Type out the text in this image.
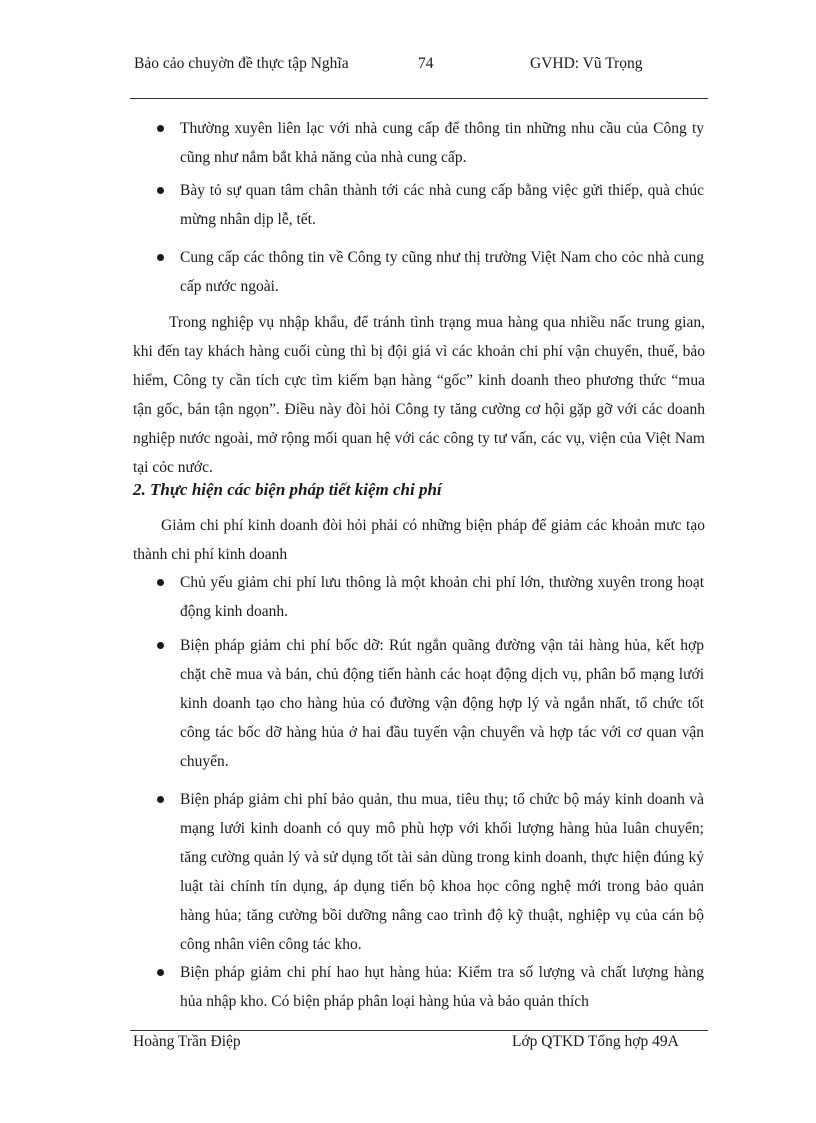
Bảo cảo chuyờn đề thực tập Nghĩa	74	GVHD: Vũ Trọng
Thường xuyên liên lạc với nhà cung cấp để thông tin những nhu cầu của Công ty cũng như nắm bắt khả năng của nhà cung cấp.
Bày tỏ sự quan tâm chân thành tới các nhà cung cấp bằng việc gửi thiếp, quà chúc mừng nhân dịp lễ, tết.
Cung cấp các thông tin về Công ty cũng như thị trường Việt Nam cho cỏc nhà cung cấp nước ngoài.
Trong nghiệp vụ nhập khẩu, để tránh tình trạng mua hàng qua nhiều nấc trung gian, khi đến tay khách hàng cuối cùng thì bị đội giá vì các khoản chi phí vận chuyển, thuế, bảo hiểm, Công ty cần tích cực tìm kiếm bạn hàng “gốc” kinh doanh theo phương thức “mua tận gốc, bán tận ngọn”. Điều này đòi hỏi Công ty tăng cường cơ hội gặp gỡ với các doanh nghiệp nước ngoài, mở rộng mối quan hệ với các công ty tư vấn, các vụ, viện của Việt Nam tại cỏc nước.
2. Thực hiện các biện pháp tiết kiệm chi phí
Giảm chi phí kinh doanh đòi hỏi phải có những biện pháp để giảm các khoản mưc tạo thành chi phí kinh doanh
Chủ yếu giảm chi phí lưu thông là một khoản chi phí lớn, thường xuyên trong hoạt động kinh doanh.
Biện pháp giảm chi phí bốc dỡ: Rút ngắn quãng đường vận tải hàng hủa, kết hợp chặt chẽ mua và bán, chủ động tiến hành các hoạt động dịch vụ, phân bổ mạng lưới kinh doanh tạo cho hàng hủa có đường vận động hợp lý và ngắn nhất, tổ chức tốt công tác bốc dỡ hàng hủa ở hai đầu tuyến vận chuyển và hợp tác với cơ quan vận chuyển.
Biện pháp giảm chi phí bảo quản, thu mua, tiêu thụ; tổ chức bộ máy kinh doanh và mạng lưới kinh doanh có quy mô phù hợp với khối lượng hàng hủa luân chuyển; tăng cường quản lý và sử dụng tốt tài sản dùng trong kinh doanh, thực hiện đúng kỷ luật tài chính tín dụng, áp dụng tiến bộ khoa học công nghệ mới trong bảo quản hàng hủa; tăng cường bồi dưỡng nâng cao trình độ kỹ thuật, nghiệp vụ của cán bộ công nhân viên công tác kho.
Biện pháp giảm chi phí hao hụt hàng hủa: Kiểm tra số lượng và chất lượng hàng hủa nhập kho. Có biện pháp phân loại hàng hủa và bảo quản thích
Hoàng Trần Điệp	Lớp QTKD Tổng hợp 49A
